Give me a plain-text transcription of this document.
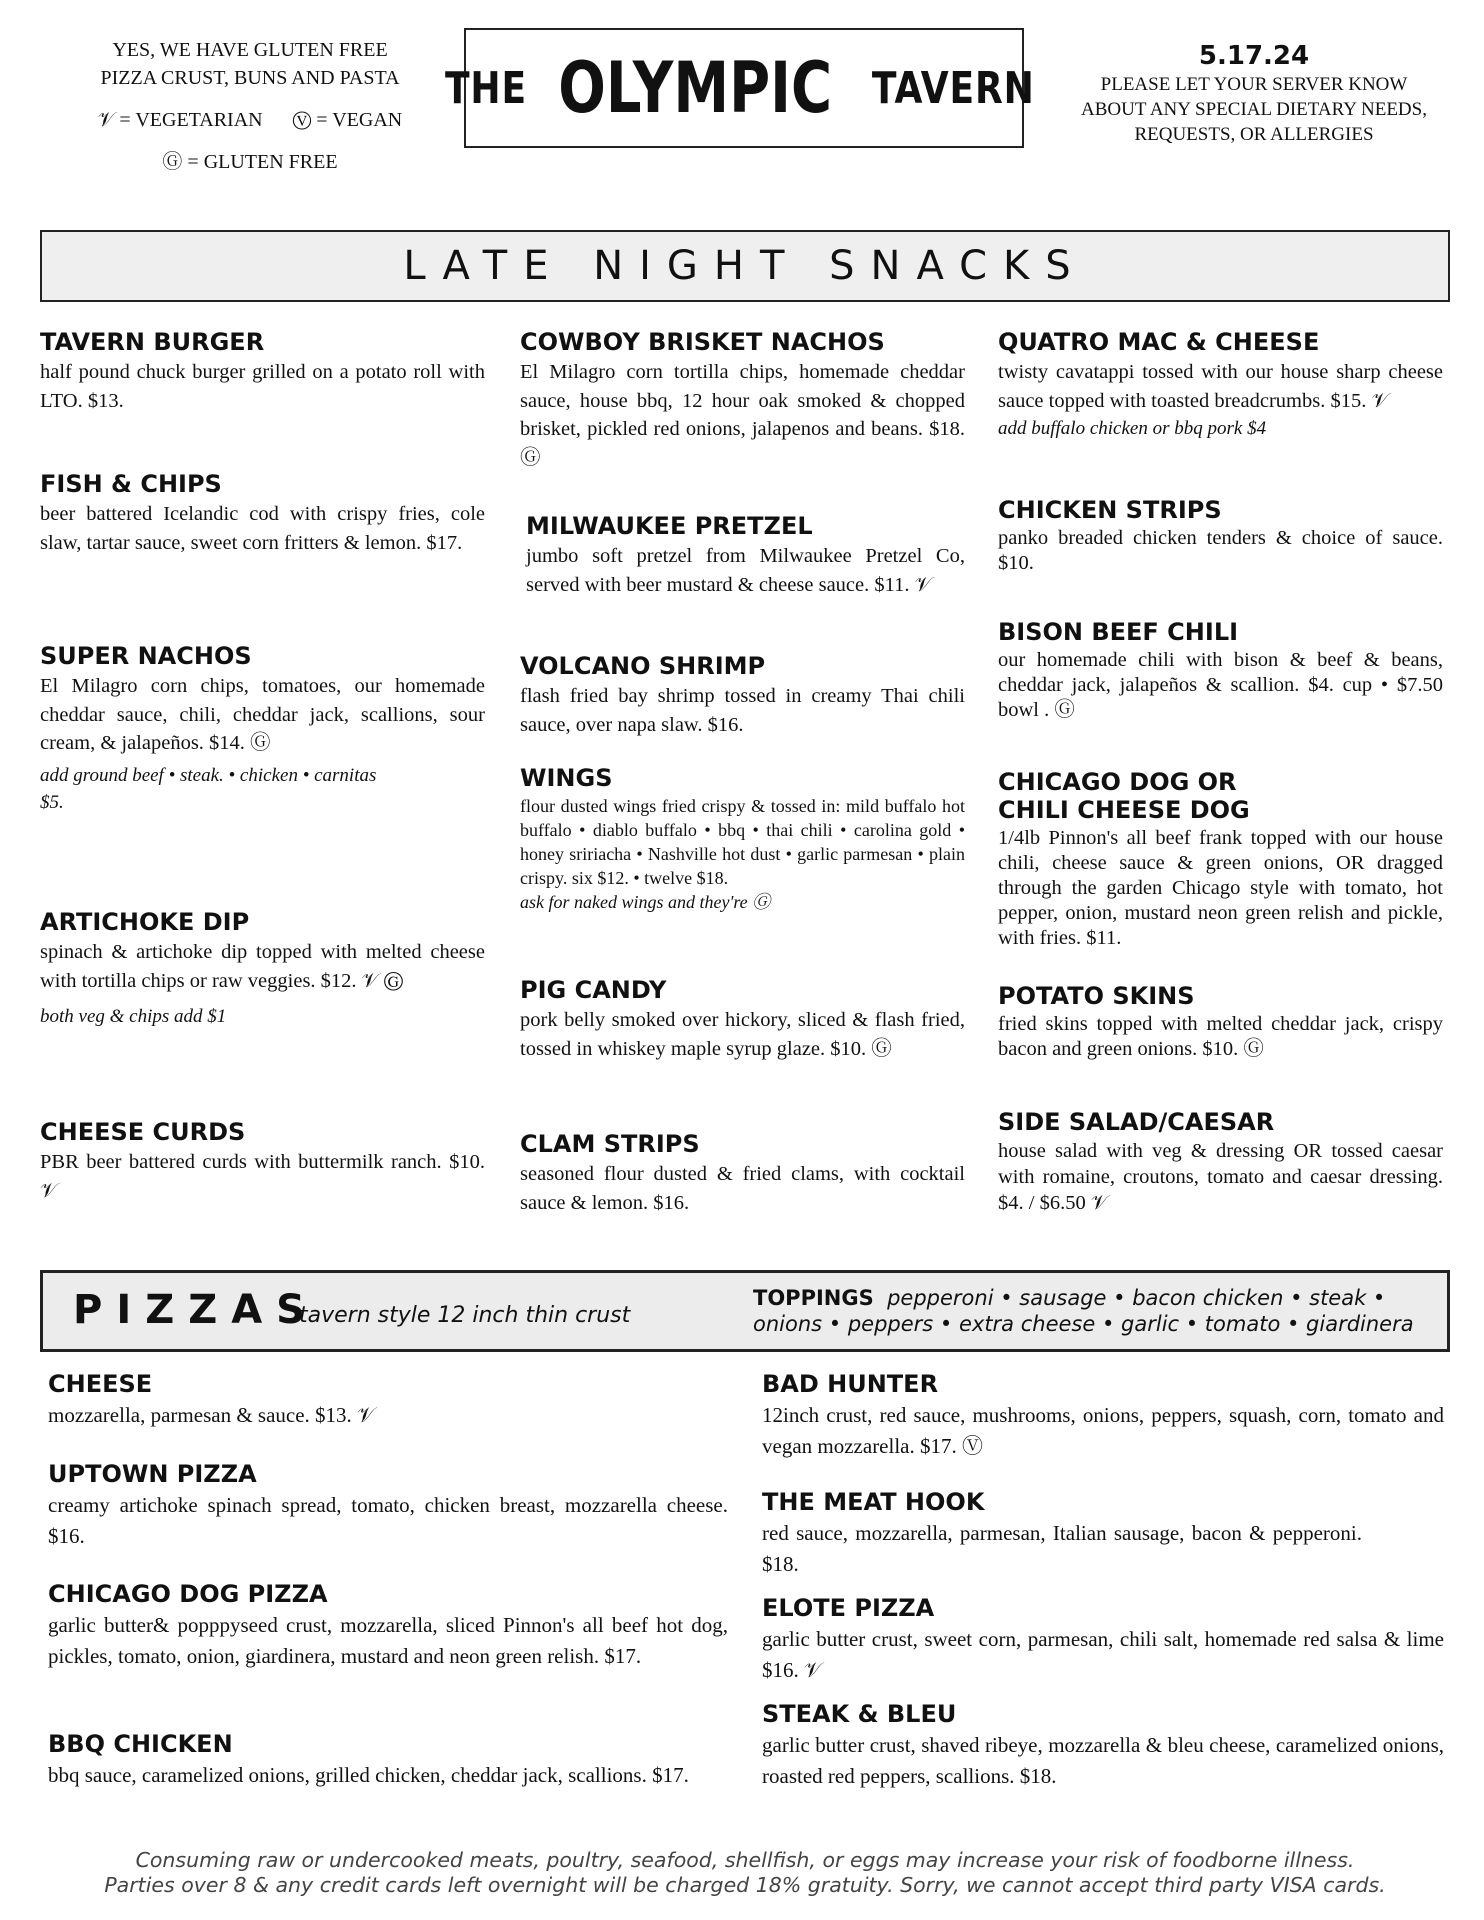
YES, WE HAVE GLUTEN FREE

PIZZA CRUST, BUNS AND PASTA

𝒱 = VEGETARIAN Ⓥ = VEGAN

Ⓖ = GLUTEN FREE

THE OLYMPIC TAVERN
5.17.24
PLEASE LET YOUR SERVER KNOW
ABOUT ANY SPECIAL DIETARY NEEDS,
REQUESTS, OR ALLERGIES
LATE NIGHT SNACKS
TAVERN BURGER

half pound chuck burger grilled on a potato roll with LTO. $13.

FISH & CHIPS

beer battered Icelandic cod with crispy fries, cole slaw, tartar sauce, sweet corn fritters & lemon. $17.

SUPER NACHOS

El Milagro corn chips, tomatoes, our homemade cheddar sauce, chili, cheddar jack, scallions, sour cream, & jalapeños. $14. Ⓖ

add ground beef • steak. • chicken • carnitas $5.

ARTICHOKE DIP

spinach & artichoke dip topped with melted cheese with tortilla chips or raw veggies. $12. 𝒱 Ⓖ

both veg & chips add $1

CHEESE CURDS

PBR beer battered curds with buttermilk ranch. $10. 𝒱

COWBOY BRISKET NACHOS

El Milagro corn tortilla chips, homemade cheddar sauce, house bbq, 12 hour oak smoked & chopped brisket, pickled red onions, jalapenos and beans. $18. Ⓖ

MILWAUKEE PRETZEL

jumbo soft pretzel from Milwaukee Pretzel Co, served with beer mustard & cheese sauce. $11. 𝒱

VOLCANO SHRIMP

flash fried bay shrimp tossed in creamy Thai chili sauce, over napa slaw. $16.

WINGS

flour dusted wings fried crispy & tossed in: mild buffalo hot buffalo • diablo buffalo • bbq • thai chili • carolina gold • honey sririacha • Nashville hot dust • garlic parmesan • plain crispy. six $12. • twelve $18.

ask for naked wings and they're Ⓖ

PIG CANDY

pork belly smoked over hickory, sliced & flash fried, tossed in whiskey maple syrup glaze. $10. Ⓖ

CLAM STRIPS

seasoned flour dusted & fried clams, with cocktail sauce & lemon. $16.

QUATRO MAC & CHEESE

twisty cavatappi tossed with our house sharp cheese sauce topped with toasted breadcrumbs. $15. 𝒱

add buffalo chicken or bbq pork $4

CHICKEN STRIPS

panko breaded chicken tenders & choice of sauce. $10.

BISON BEEF CHILI

our homemade chili with bison & beef & beans, cheddar jack, jalapeños & scallion. $4. cup • $7.50 bowl . Ⓖ

CHICAGO DOG OR CHILI CHEESE DOG

1/4lb Pinnon's all beef frank topped with our house chili, cheese sauce & green onions, OR dragged through the garden Chicago style with tomato, hot pepper, onion, mustard neon green relish and pickle, with fries. $11.

POTATO SKINS

fried skins topped with melted cheddar jack, crispy bacon and green onions. $10. Ⓖ

SIDE SALAD/CAESAR

house salad with veg & dressing OR tossed caesar with romaine, croutons, tomato and caesar dressing. $4. / $6.50 𝒱

PIZZAS
tavern style 12 inch thin crust
TOPPINGS pepperoni • sausage • bacon chicken • steak • onions • peppers • extra cheese • garlic • tomato • giardinera
CHEESE

mozzarella, parmesan & sauce. $13. 𝒱

UPTOWN PIZZA

creamy artichoke spinach spread, tomato, chicken breast, mozzarella cheese. $16.

CHICAGO DOG PIZZA

garlic butter& popppyseed crust, mozzarella, sliced Pinnon's all beef hot dog, pickles, tomato, onion, giardinera, mustard and neon green relish. $17.

BBQ CHICKEN

bbq sauce, caramelized onions, grilled chicken, cheddar jack, scallions. $17.

BAD HUNTER

12inch crust, red sauce, mushrooms, onions, peppers, squash, corn, tomato and vegan mozzarella. $17. Ⓥ

THE MEAT HOOK

red sauce, mozzarella, parmesan, Italian sausage, bacon & pepperoni. $18.

ELOTE PIZZA

garlic butter crust, sweet corn, parmesan, chili salt, homemade red salsa & lime $16. 𝒱

STEAK & BLEU

garlic butter crust, shaved ribeye, mozzarella & bleu cheese, caramelized onions, roasted red peppers, scallions. $18.

Consuming raw or undercooked meats, poultry, seafood, shellfish, or eggs may increase your risk of foodborne illness.
Parties over 8 & any credit cards left overnight will be charged 18% gratuity. Sorry, we cannot accept third party VISA cards.
